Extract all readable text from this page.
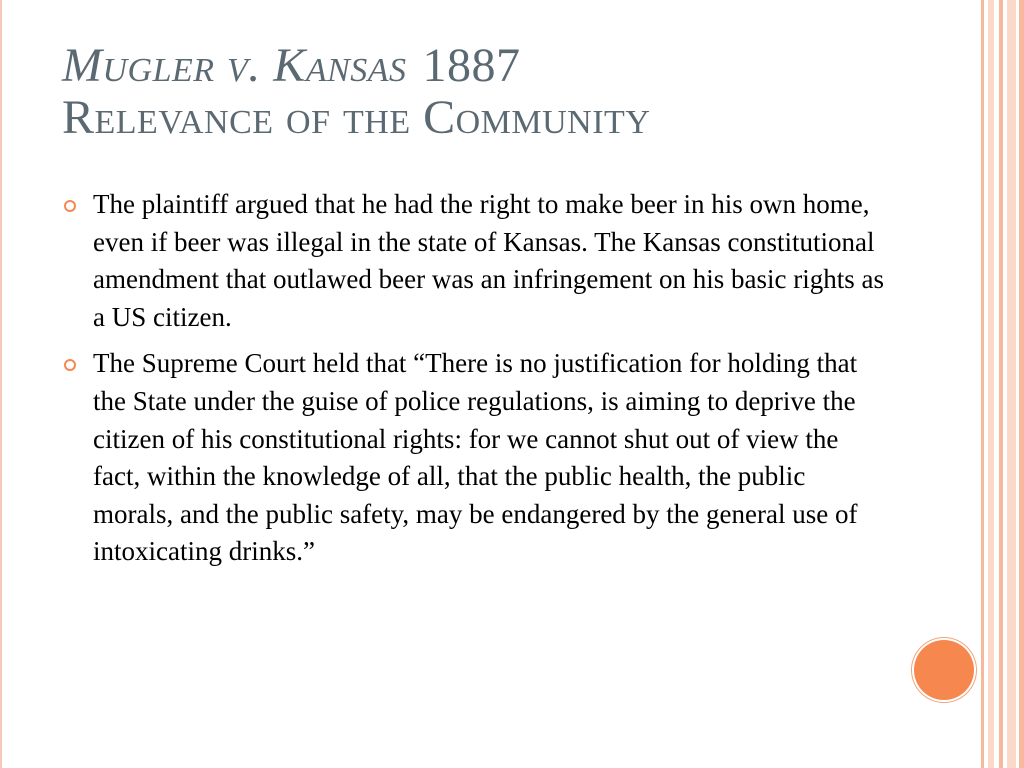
Mugler v. Kansas 1887
Relevance of the Community
The plaintiff argued that he had the right to make beer in his own home, even if beer was illegal in the state of Kansas. The Kansas constitutional amendment that outlawed beer was an infringement on his basic rights as a US citizen.
The Supreme Court held that “There is no justification for holding that the State under the guise of police regulations, is aiming to deprive the citizen of his constitutional rights: for we cannot shut out of view the fact, within the knowledge of all, that the public health, the public morals, and the public safety, may be endangered by the general use of intoxicating drinks.”
